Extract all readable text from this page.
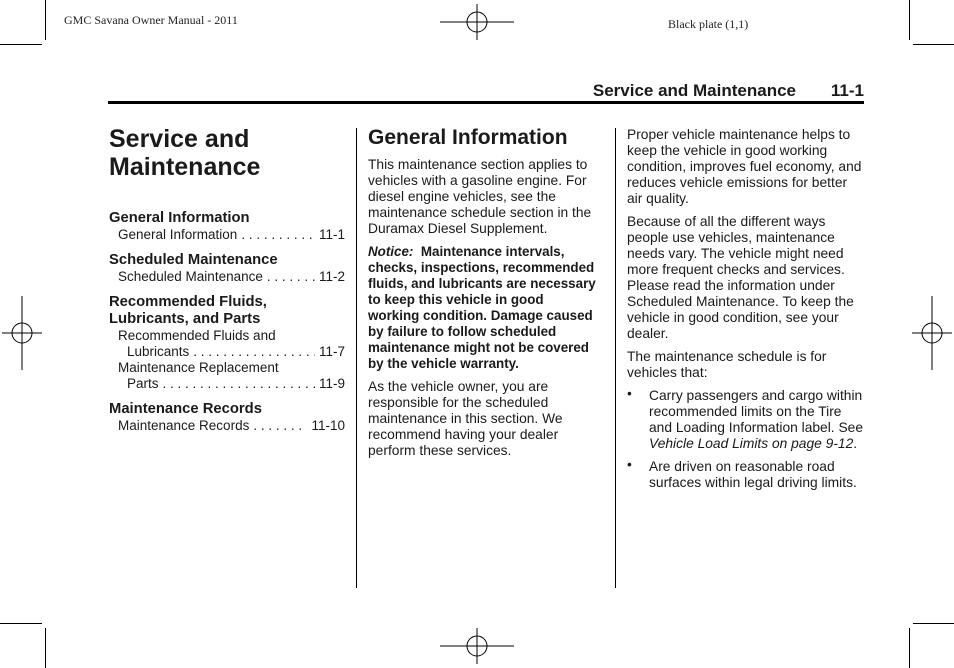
GMC Savana Owner Manual - 2011	Black plate (1,1)
Service and Maintenance 11-1
Service and
Maintenance
General Information
General Information . . .	11-1
Scheduled Maintenance
Scheduled Maintenance . . .	11-2
Recommended Fluids,
Lubricants, and Parts
Recommended Fluids and
Lubricants . . .	11-7
Maintenance Replacement
Parts . . .	11-9
Maintenance Records
Maintenance Records . . .	11-10
General Information

This maintenance section applies to vehicles with a gasoline engine. For diesel engine vehicles, see the maintenance schedule section in the Duramax Diesel Supplement.

Notice: Maintenance intervals, checks, inspections, recommended fluids, and lubricants are necessary to keep this vehicle in good working condition. Damage caused by failure to follow scheduled maintenance might not be covered by the vehicle warranty.

As the vehicle owner, you are responsible for the scheduled maintenance in this section. We recommend having your dealer perform these services.

Proper vehicle maintenance helps to keep the vehicle in good working condition, improves fuel economy, and reduces vehicle emissions for better air quality.

Because of all the different ways people use vehicles, maintenance needs vary. The vehicle might need more frequent checks and services. Please read the information under Scheduled Maintenance. To keep the vehicle in good condition, see your dealer.

The maintenance schedule is for vehicles that:

• Carry passengers and cargo within recommended limits on the Tire and Loading Information label. See Vehicle Load Limits on page 9-12.
• Are driven on reasonable road surfaces within legal driving limits.
